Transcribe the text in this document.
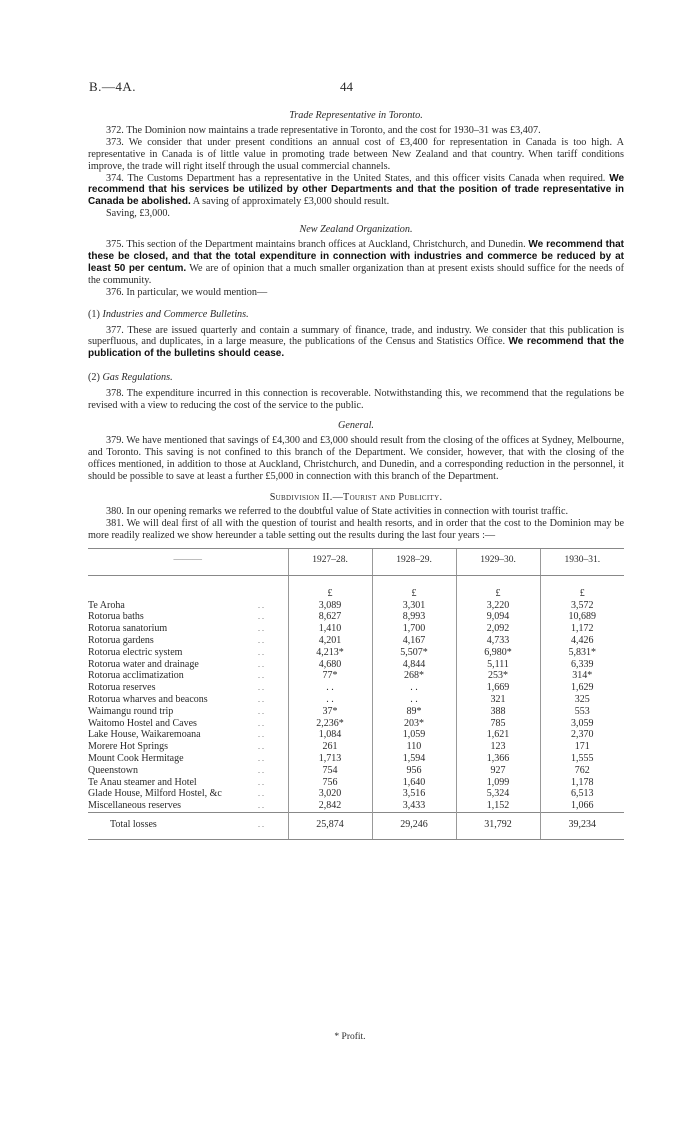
B.—4A.	44
Trade Representative in Toronto.

372. The Dominion now maintains a trade representative in Toronto, and the cost for 1930–31 was £3,407.

373. We consider that under present conditions an annual cost of £3,400 for representation in Canada is too high. A representative in Canada is of little value in promoting trade between New Zealand and that country. When tariff conditions improve, the trade will right itself through the usual commercial channels.

374. The Customs Department has a representative in the United States, and this officer visits Canada when required. We recommend that his services be utilized by other Departments and that the position of trade representative in Canada be abolished. A saving of approximately £3,000 should result.

Saving, £3,000.

New Zealand Organization.

375. This section of the Department maintains branch offices at Auckland, Christchurch, and Dunedin. We recommend that these be closed, and that the total expenditure in connection with industries and commerce be reduced by at least 50 per centum. We are of opinion that a much smaller organization than at present exists should suffice for the needs of the community.

376. In particular, we would mention—

(1) Industries and Commerce Bulletins.

377. These are issued quarterly and contain a summary of finance, trade, and industry. We consider that this publication is superfluous, and duplicates, in a large measure, the publications of the Census and Statistics Office. We recommend that the publication of the bulletins should cease.

(2) Gas Regulations.

378. The expenditure incurred in this connection is recoverable. Notwithstanding this, we recommend that the regulations be revised with a view to reducing the cost of the service to the public.

General.

379. We have mentioned that savings of £4,300 and £3,000 should result from the closing of the offices at Sydney, Melbourne, and Toronto. This saving is not confined to this branch of the Department. We consider, however, that with the closing of the offices mentioned, in addition to those at Auckland, Christchurch, and Dunedin, and a corresponding reduction in the personnel, it should be possible to save at least a further £5,000 in connection with this branch of the Department.

Subdivision II.—Tourist and Publicity.

380. In our opening remarks we referred to the doubtful value of State activities in connection with tourist traffic.

381. We will deal first of all with the question of tourist and health resorts, and in order that the cost to the Dominion may be more readily realized we show hereunder a table setting out the results during the last four years :—

———		1927–28.	1928–29.	1929–30.	1930–31.

		£	£	£	£
Te Aroha	. .	3,089	3,301	3,220	3,572
Rotorua baths	. .	8,627	8,993	9,094	10,689
Rotorua sanatorium	. .	1,410	1,700	2,092	1,172
Rotorua gardens	. .	4,201	4,167	4,733	4,426
Rotorua electric system	. .	4,213*	5,507*	6,980*	5,831*
Rotorua water and drainage	. .	4,680	4,844	5,111	6,339
Rotorua acclimatization	. .	77*	268*	253*	314*
Rotorua reserves	. .	. .	. .	1,669	1,629
Rotorua wharves and beacons	. .	. .	. .	321	325
Waimangu round trip	. .	37*	89*	388	553
Waitomo Hostel and Caves	. .	2,236*	203*	785	3,059
Lake House, Waikaremoana	. .	1,084	1,059	1,621	2,370
Morere Hot Springs	. .	261	110	123	171
Mount Cook Hermitage	. .	1,713	1,594	1,366	1,555
Queenstown	. .	754	956	927	762
Te Anau steamer and Hotel	. .	756	1,640	1,099	1,178
Glade House, Milford Hostel, &c	. .	3,020	3,516	5,324	6,513
Miscellaneous reserves	. .	2,842	3,433	1,152	1,066
Total losses	. .	25,874	29,246	31,792	39,234
* Profit.
